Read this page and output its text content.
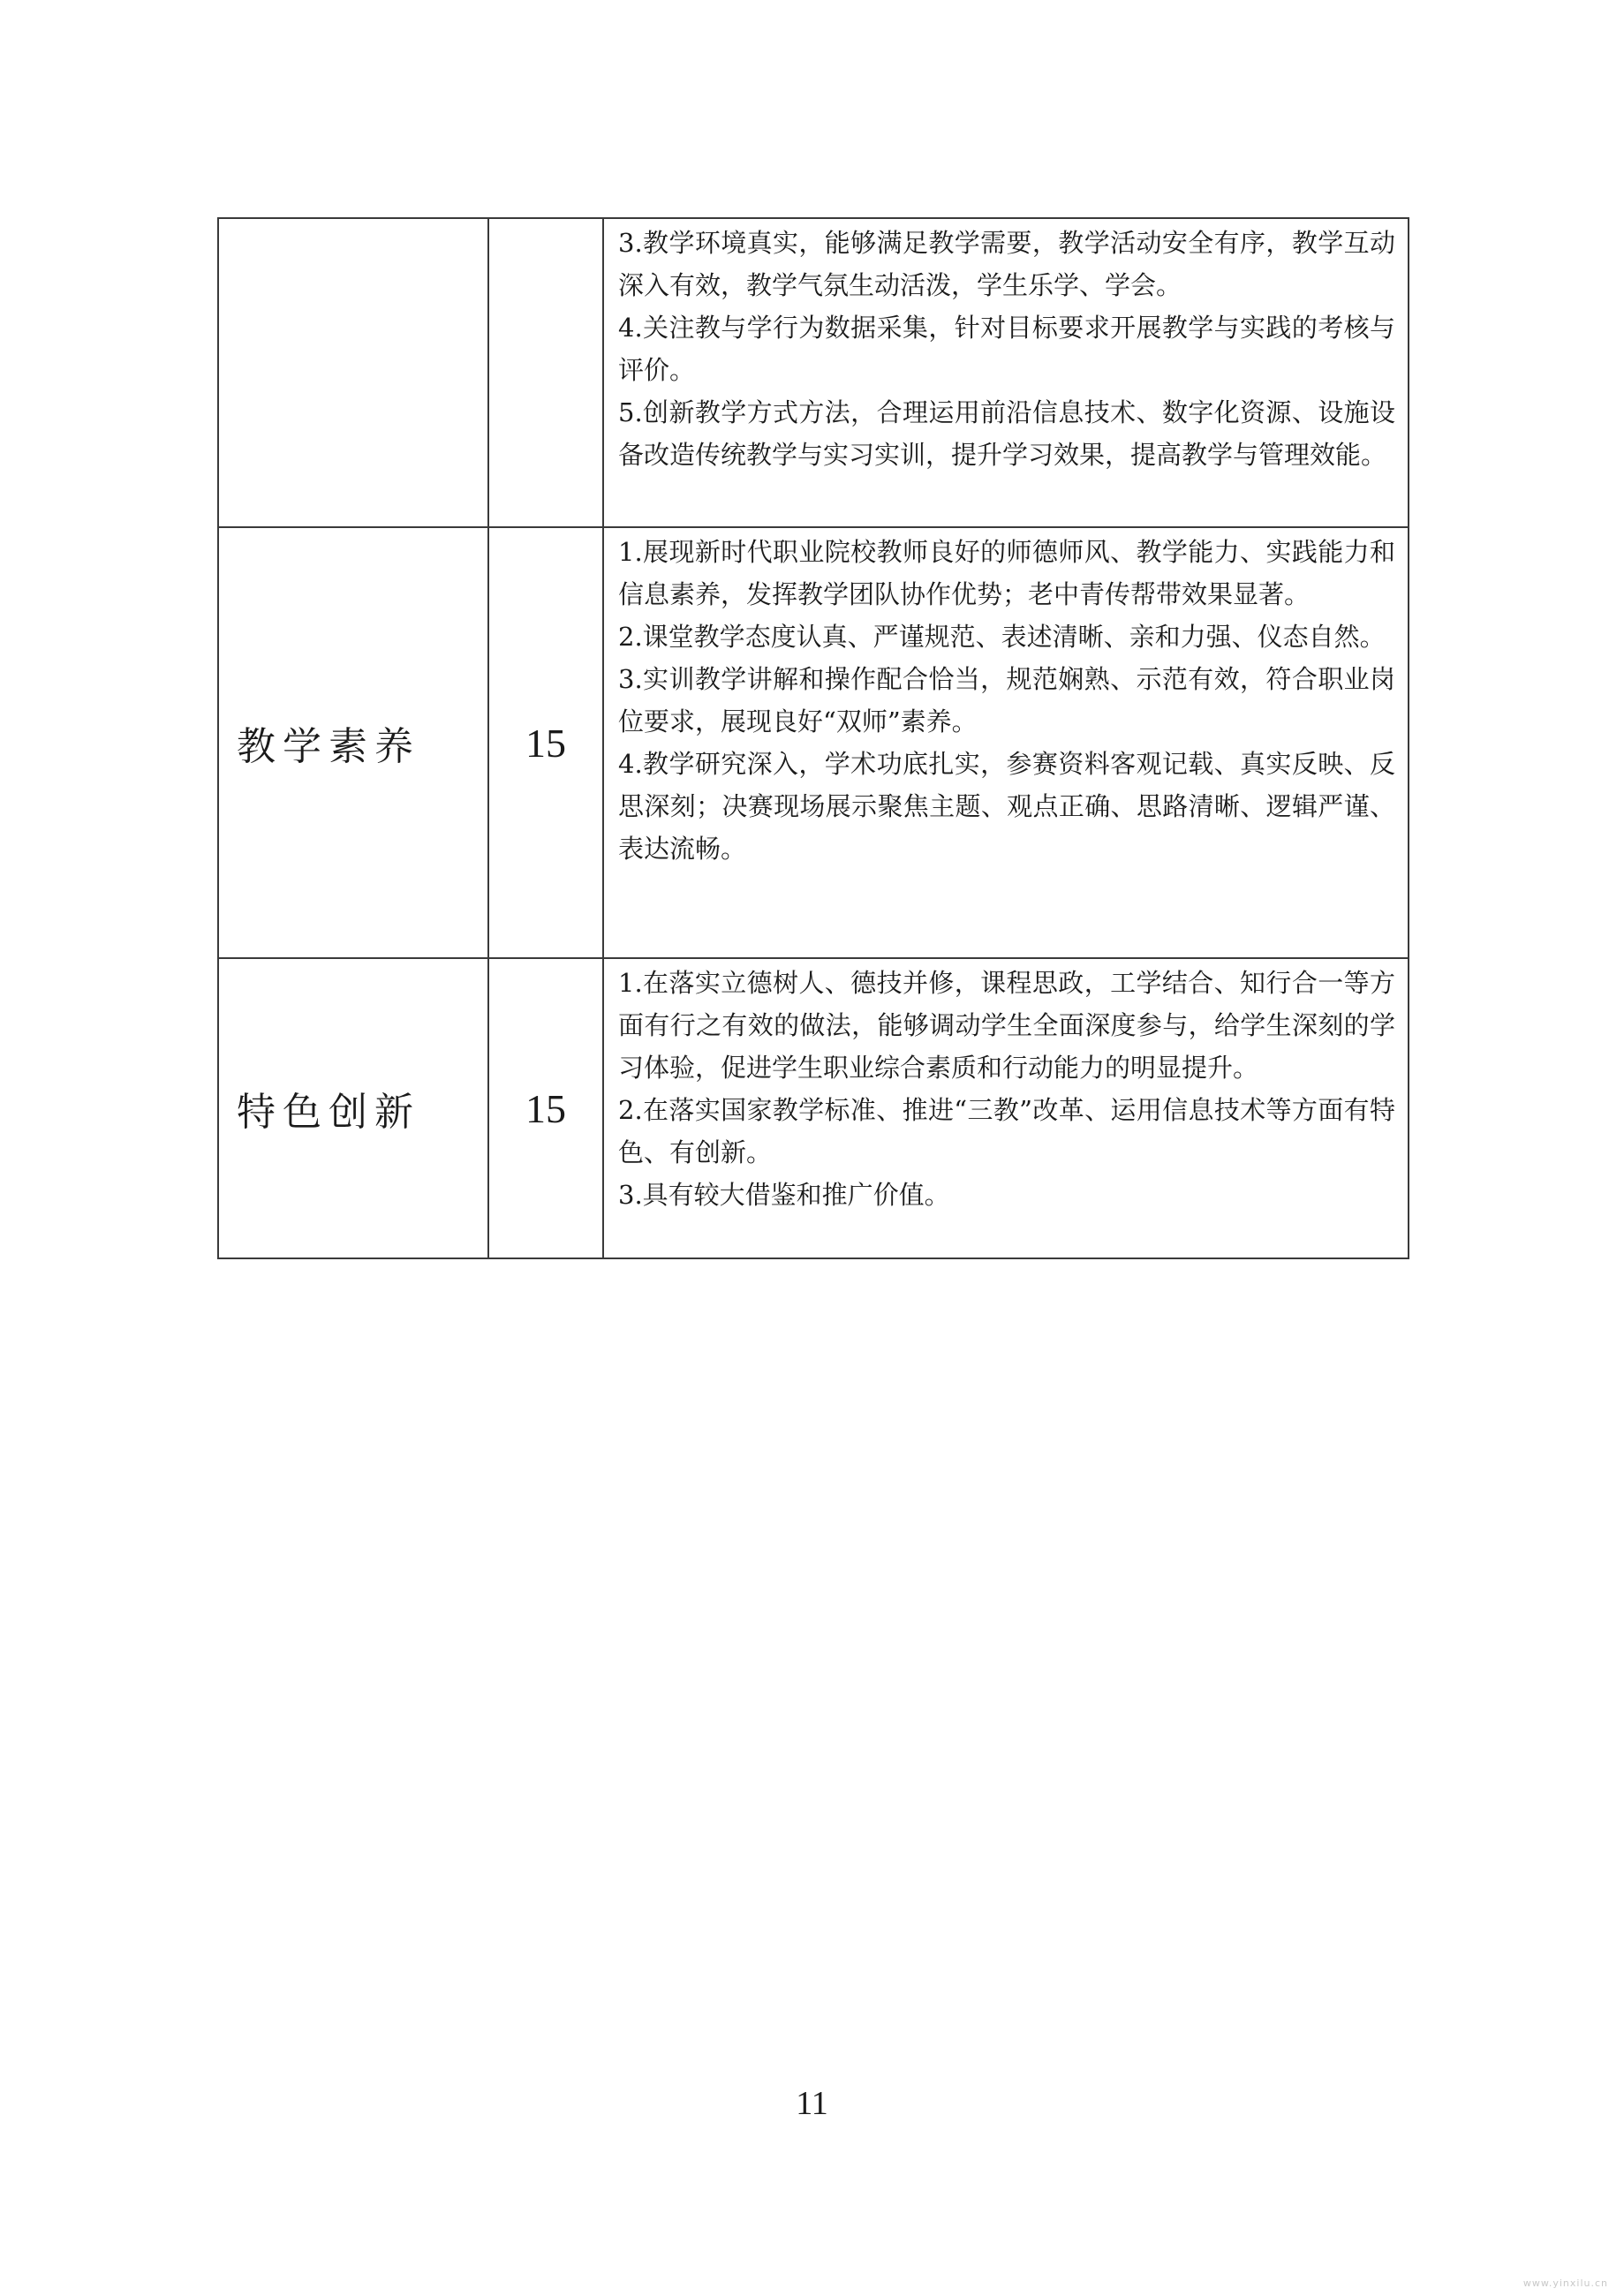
		3.教学环境真实，能够满足教学需要，教学活动安全有序，教学互动深入有效，教学气氛生动活泼，学生乐学、学会。

4.关注教与学行为数据采集，针对目标要求开展教学与实践的考核与评价。

5.创新教学方式方法，合理运用前沿信息技术、数字化资源、设施设备改造传统教学与实习实训，提升学习效果，提高教学与管理效能。

教学素养	15	1.展现新时代职业院校教师良好的师德师风、教学能力、实践能力和信息素养，发挥教学团队协作优势；老中青传帮带效果显著。

2.课堂教学态度认真、严谨规范、表述清晰、亲和力强、仪态自然。

3.实训教学讲解和操作配合恰当，规范娴熟、示范有效，符合职业岗位要求，展现良好“双师”素养。

4.教学研究深入，学术功底扎实，参赛资料客观记载、真实反映、反思深刻；决赛现场展示聚焦主题、观点正确、思路清晰、逻辑严谨、表达流畅。

特色创新	15	1.在落实立德树人、德技并修，课程思政，工学结合、知行合一等方面有行之有效的做法，能够调动学生全面深度参与，给学生深刻的学习体验，促进学生职业综合素质和行动能力的明显提升。

2.在落实国家教学标准、推进“三教”改革、运用信息技术等方面有特色、有创新。

3.具有较大借鉴和推广价值。

11
www.yinxilu.cn
